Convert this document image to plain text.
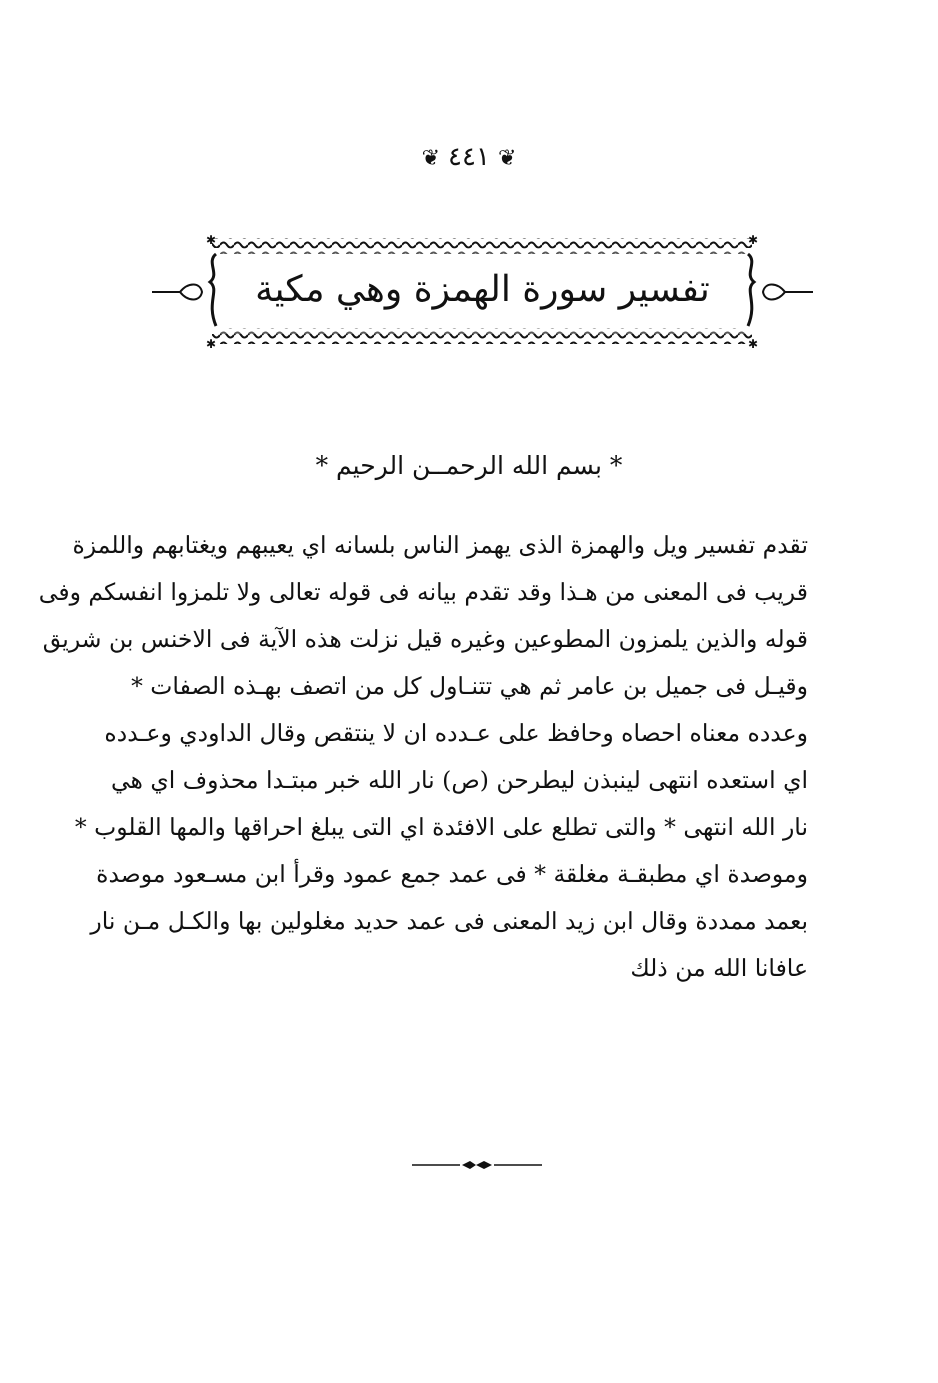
❦٤٤١❦
✱	✱
✱	✱
تفسير سورة الهمزة وهي مكية
* بسم الله الرحمــن الرحيم *
تقدم تفسير ويل والهمزة الذى يهمز الناس بلسانه اي يعيبهم ويغتابهم واللمزة
قريب فى المعنى من هـذا وقد تقدم بيانه فى قوله تعالى ولا تلمزوا انفسكم وفى
قوله والذين يلمزون المطوعين وغيره قيل نزلت هذه الآية فى الاخنس بن شريق
وقيـل فى جميل بن عامر ثم هي تتنـاول كل من اتصف بهـذه الصفات *
وعدده معناه احصاه وحافظ على عـدده ان لا ينتقص وقال الداودي وعـدده
اي استعده انتهى لينبذن ليطرحن (ص) نار الله خبر مبتـدا محذوف اي هي
نار الله انتهى * والتى تطلع على الافئدة اي التى يبلغ احراقها والمها القلوب *
وموصدة اي مطبقـة مغلقة * فى عمد جمع عمود وقرأ ابن مسـعود موصدة
بعمد ممددة وقال ابن زيد المعنى فى عمد حديد مغلولين بها والكـل مـن نار
عافانا الله من ذلك
